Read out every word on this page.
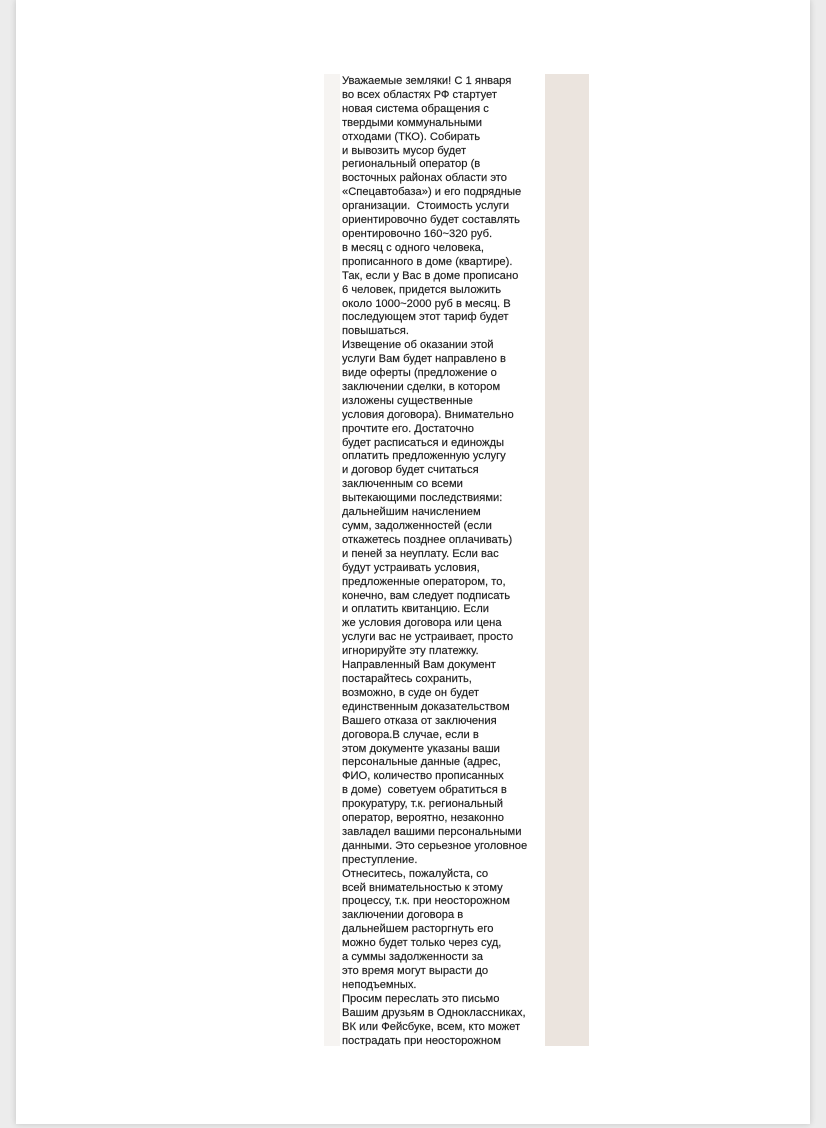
Уважаемые земляки! С 1 января
во всех областях РФ стартует
новая система обращения с
твердыми коммунальными
отходами (ТКО). Собирать
и вывозить мусор будет
региональный оператор (в
восточных районах области это
«Спецавтобаза») и его подрядные
организации.  Стоимость услуги
ориентировочно будет составлять
орентировочно 160~320 руб.
в месяц с одного человека,
прописанного в доме (квартире).
Так, если у Вас в доме прописано
6 человек, придется выложить
около 1000~2000 руб в месяц. В
последующем этот тариф будет
повышаться.
Извещение об оказании этой
услуги Вам будет направлено в
виде оферты (предложение о
заключении сделки, в котором
изложены существенные
условия договора). Внимательно
прочтите его. Достаточно
будет расписаться и единожды
оплатить предложенную услугу
и договор будет считаться
заключенным со всеми
вытекающими последствиями:
дальнейшим начислением
сумм, задолженностей (если
откажетесь позднее оплачивать)
и пеней за неуплату. Если вас
будут устраивать условия,
предложенные оператором, то,
конечно, вам следует подписать
и оплатить квитанцию. Если
же условия договора или цена
услуги вас не устраивает, просто
игнорируйте эту платежку.
Направленный Вам документ
постарайтесь сохранить,
возможно, в суде он будет
единственным доказательством
Вашего отказа от заключения
договора.В случае, если в
этом документе указаны ваши
персональные данные (адрес,
ФИО, количество прописанных
в доме)  советуем обратиться в
прокуратуру, т.к. региональный
оператор, вероятно, незаконно
завладел вашими персональными
данными. Это серьезное уголовное
преступление.
Отнеситесь, пожалуйста, со
всей внимательностью к этому
процессу, т.к. при неосторожном
заключении договора в
дальнейшем расторгнуть его
можно будет только через суд,
а суммы задолженности за
это время могут вырасти до
неподъемных.
Просим переслать это письмо
Вашим друзьям в Одноклассниках,
ВК или Фейсбуке, всем, кто может
пострадать при неосторожном
